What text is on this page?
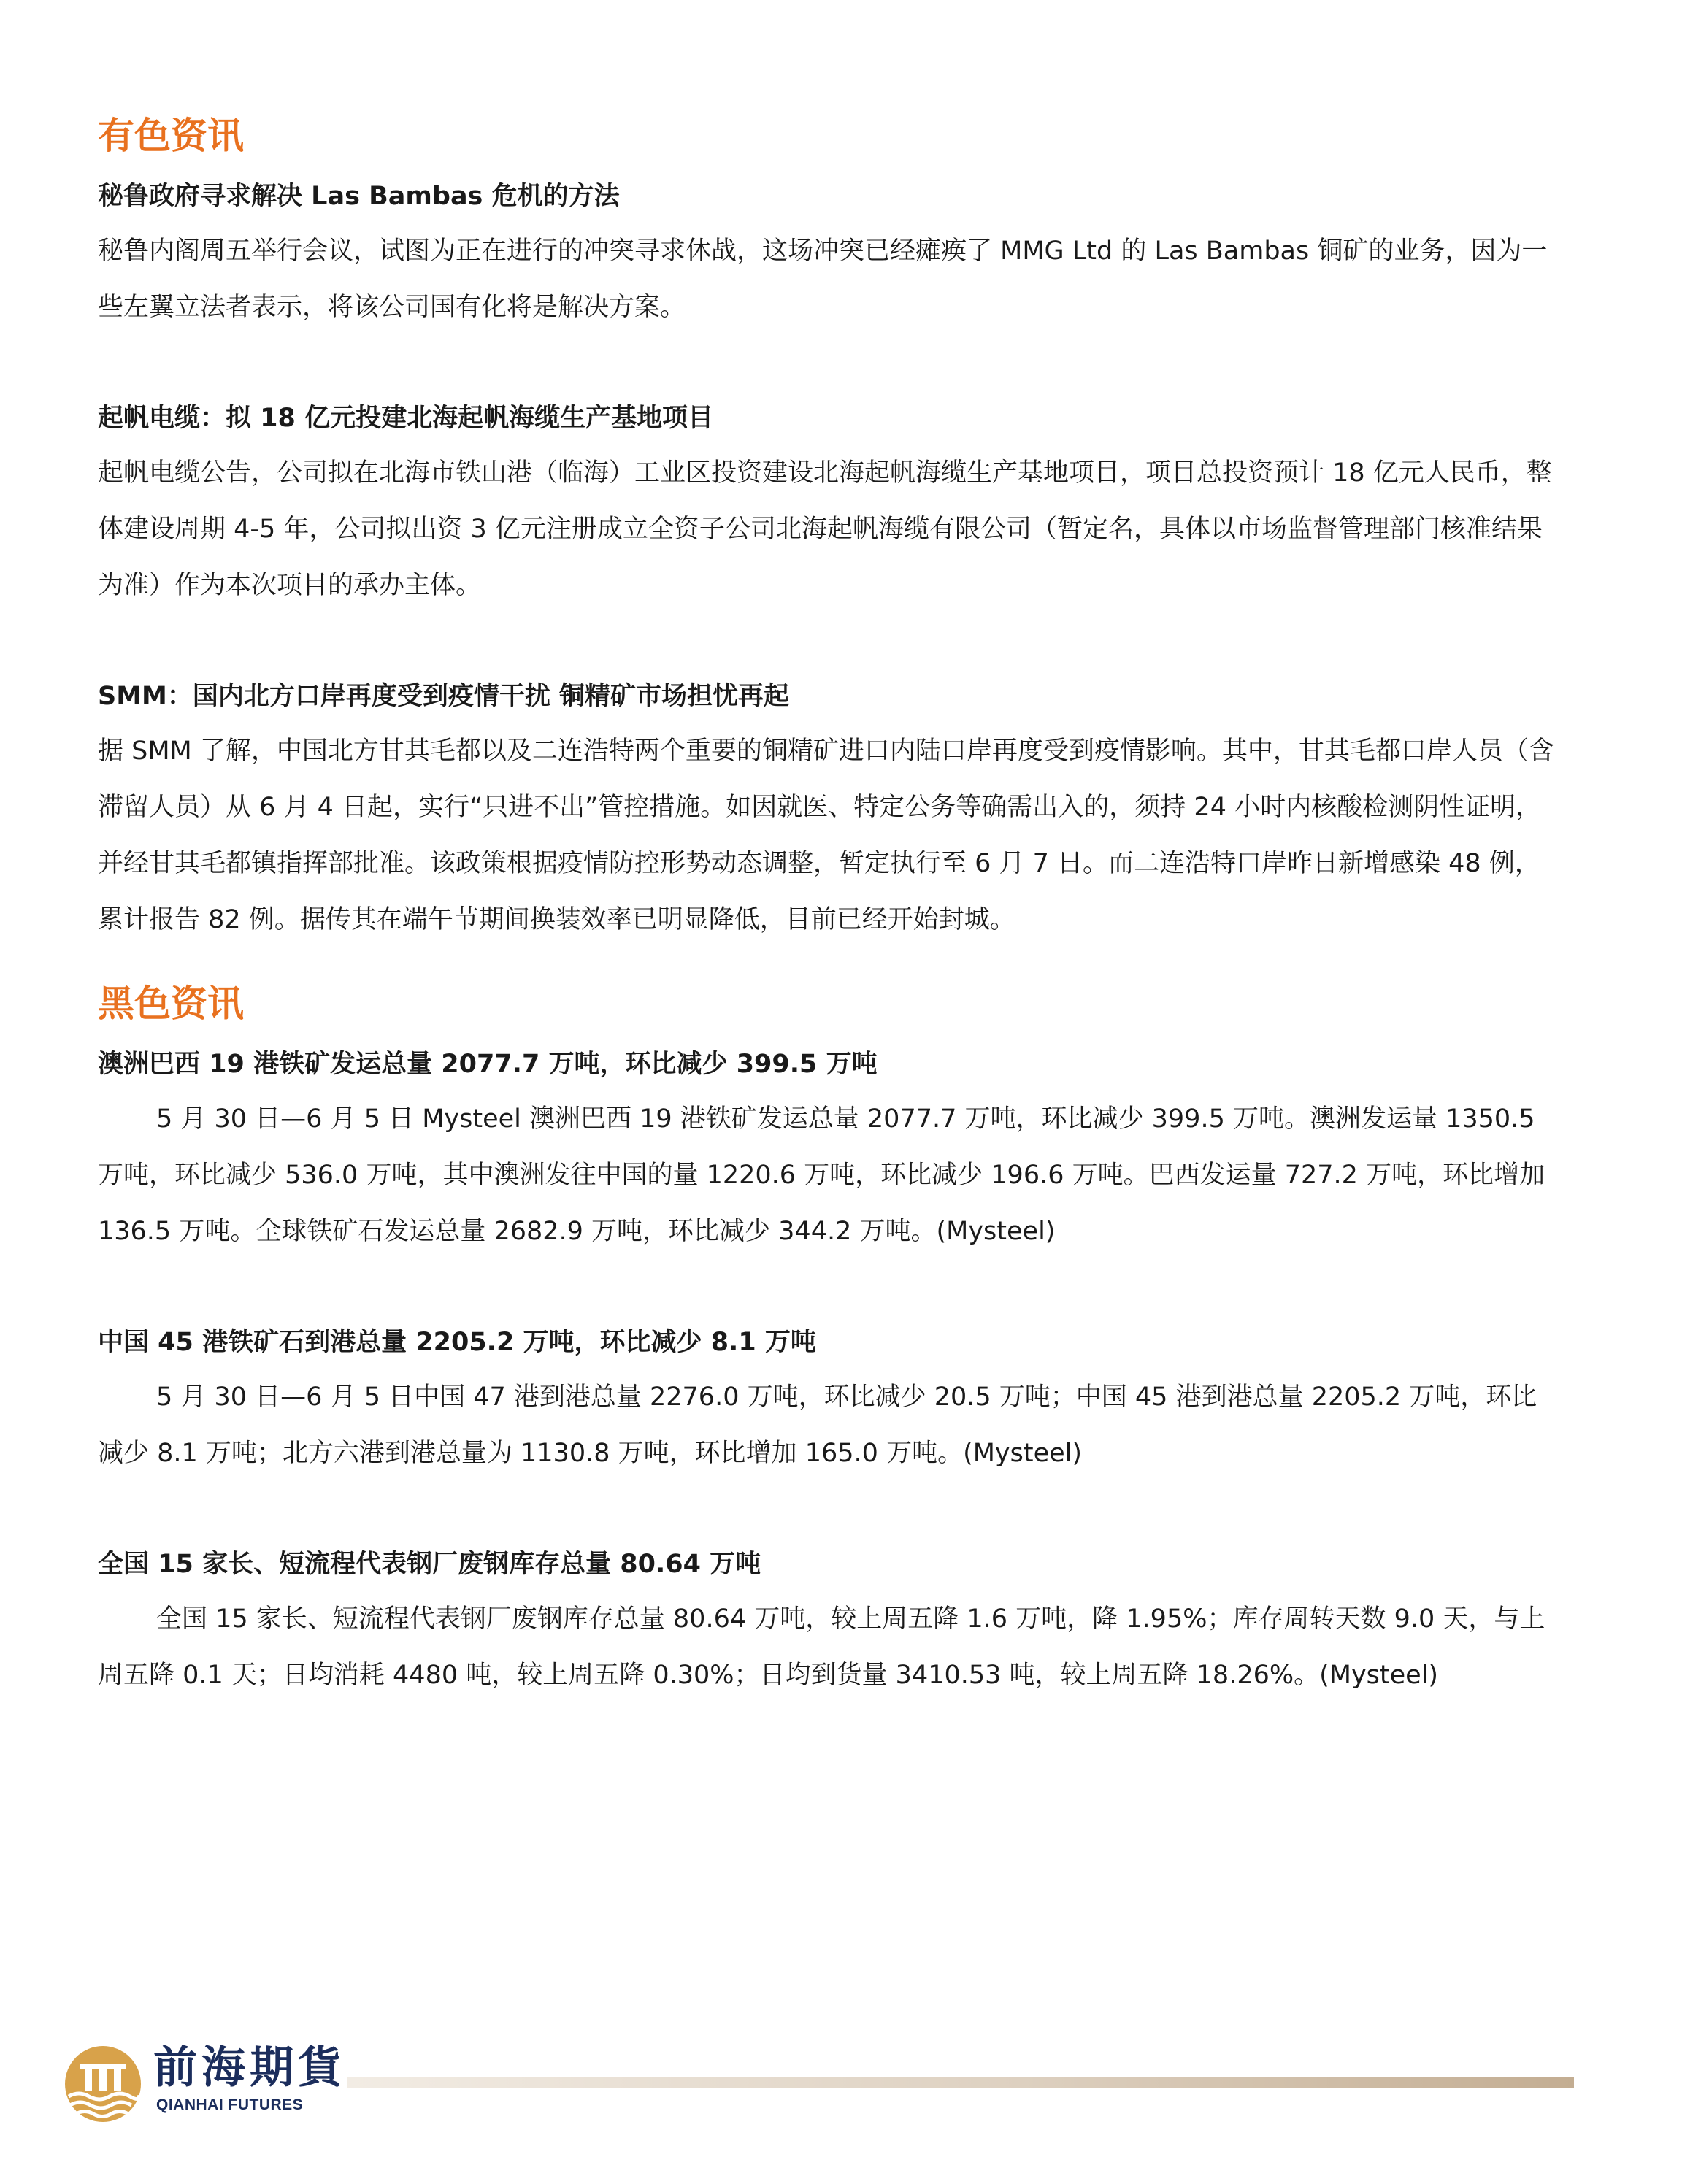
有色资讯
秘鲁政府寻求解决 Las Bambas 危机的方法

秘鲁内阁周五举行会议，试图为正在进行的冲突寻求休战，这场冲突已经瘫痪了 MMG Ltd 的 Las Bambas 铜矿的业务，因为一些左翼立法者表示，将该公司国有化将是解决方案。

起帆电缆：拟 18 亿元投建北海起帆海缆生产基地项目

起帆电缆公告，公司拟在北海市铁山港（临海）工业区投资建设北海起帆海缆生产基地项目，项目总投资预计 18 亿元人民币，整体建设周期 4-5 年，公司拟出资 3 亿元注册成立全资子公司北海起帆海缆有限公司（暂定名，具体以市场监督管理部门核准结果为准）作为本次项目的承办主体。

SMM：国内北方口岸再度受到疫情干扰 铜精矿市场担忧再起

据 SMM 了解，中国北方甘其毛都以及二连浩特两个重要的铜精矿进口内陆口岸再度受到疫情影响。其中，甘其毛都口岸人员（含滞留人员）从 6 月 4 日起，实行“只进不出”管控措施。如因就医、特定公务等确需出入的，须持 24 小时内核酸检测阴性证明，并经甘其毛都镇指挥部批准。该政策根据疫情防控形势动态调整，暂定执行至 6 月 7 日。而二连浩特口岸昨日新增感染 48 例，累计报告 82 例。据传其在端午节期间换装效率已明显降低，目前已经开始封城。

黑色资讯
澳洲巴西 19 港铁矿发运总量 2077.7 万吨，环比减少 399.5 万吨

5 月 30 日—6 月 5 日 Mysteel 澳洲巴西 19 港铁矿发运总量 2077.7 万吨，环比减少 399.5 万吨。澳洲发运量 1350.5 万吨，环比减少 536.0 万吨，其中澳洲发往中国的量 1220.6 万吨，环比减少 196.6 万吨。巴西发运量 727.2 万吨，环比增加 136.5 万吨。全球铁矿石发运总量 2682.9 万吨，环比减少 344.2 万吨。(Mysteel)

中国 45 港铁矿石到港总量 2205.2 万吨，环比减少 8.1 万吨

5 月 30 日—6 月 5 日中国 47 港到港总量 2276.0 万吨，环比减少 20.5 万吨；中国 45 港到港总量 2205.2 万吨，环比减少 8.1 万吨；北方六港到港总量为 1130.8 万吨，环比增加 165.0 万吨。(Mysteel)

全国 15 家长、短流程代表钢厂废钢库存总量 80.64 万吨

全国 15 家长、短流程代表钢厂废钢库存总量 80.64 万吨，较上周五降 1.6 万吨，降 1.95%；库存周转天数 9.0 天，与上周五降 0.1 天；日均消耗 4480 吨，较上周五降 0.30%；日均到货量 3410.53 吨，较上周五降 18.26%。(Mysteel)

前海期貨
QIANHAI FUTURES
